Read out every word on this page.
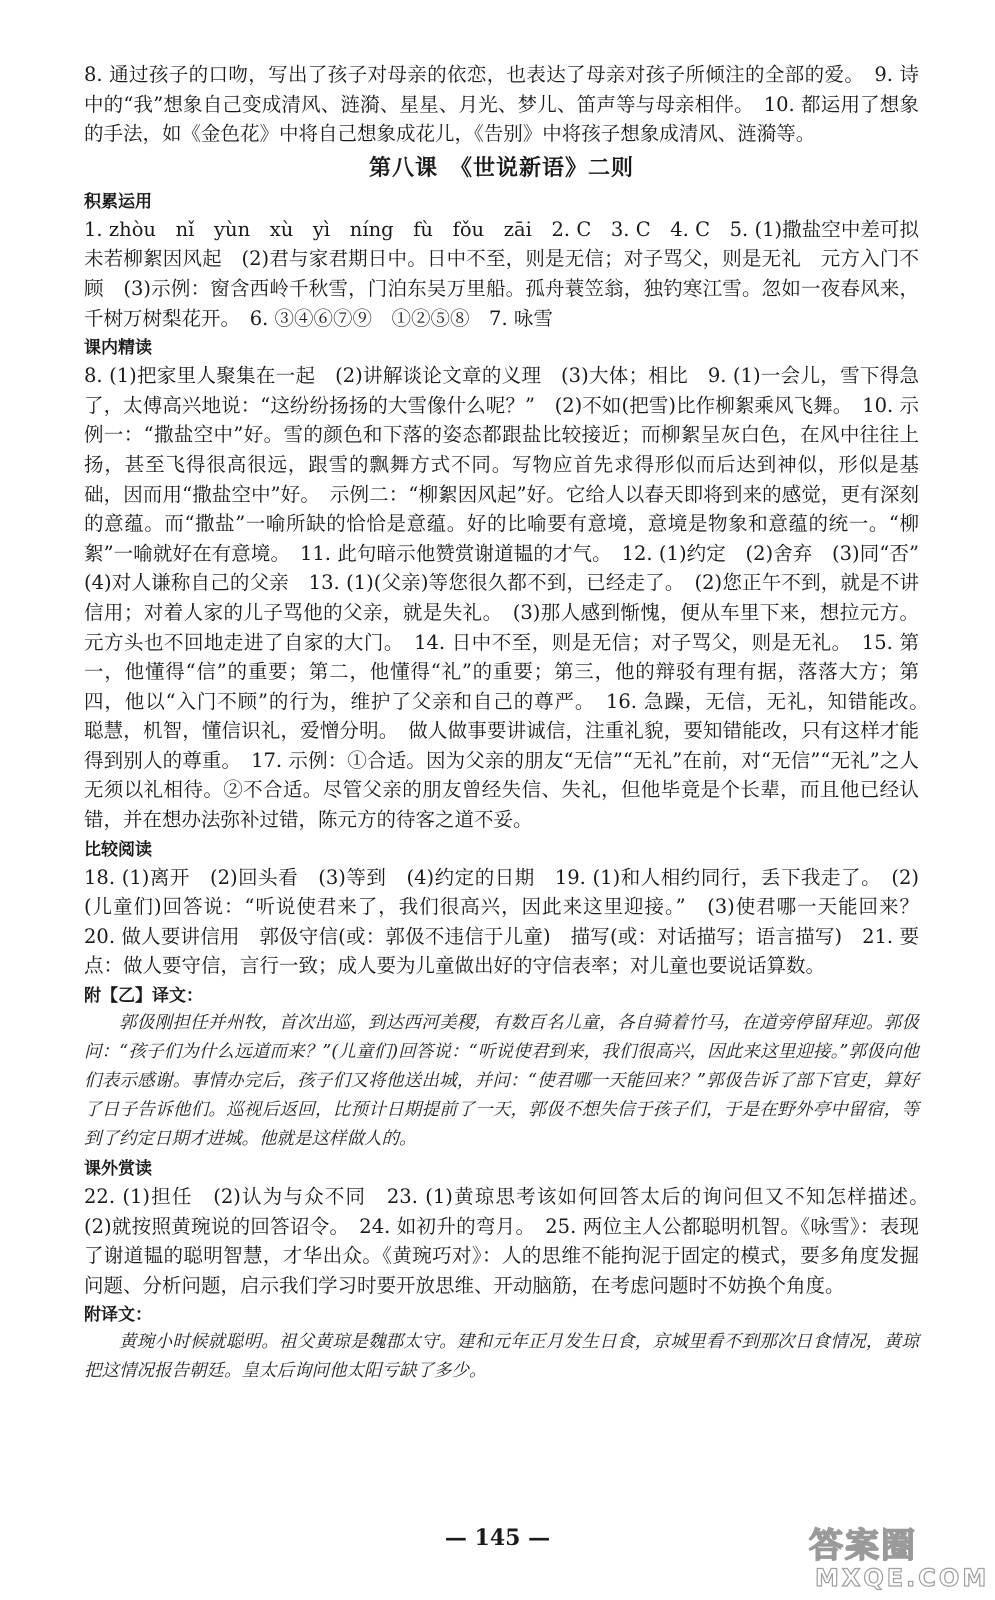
8. 通过孩子的口吻，写出了孩子对母亲的依恋，也表达了母亲对孩子所倾注的全部的爱。　9. 诗中的“我”想象自己变成清风、涟漪、星星、月光、梦儿、笛声等与母亲相伴。　10. 都运用了想象的手法，如《金色花》中将自己想象成花儿，《告别》中将孩子想象成清风、涟漪等。

第八课　《世说新语》二则
积累运用

1. zhòu　nǐ　yùn　xù　yì　níng　fù　fǒu　zāi　2. C　3. C　4. C　5. (1)撒盐空中差可拟　未若柳絮因风起　(2)君与家君期日中。日中不至，则是无信；对子骂父，则是无礼　元方入门不顾　(3)示例：窗含西岭千秋雪，门泊东吴万里船。孤舟蓑笠翁，独钓寒江雪。忽如一夜春风来，千树万树梨花开。　6. ③④⑥⑦⑨　①②⑤⑧　7. 咏雪

课内精读

8. (1)把家里人聚集在一起　(2)讲解谈论文章的义理　(3)大体；相比　9. (1)一会儿，雪下得急了，太傅高兴地说：“这纷纷扬扬的大雪像什么呢？”　(2)不如(把雪)比作柳絮乘风飞舞。　10. 示例一：“撒盐空中”好。雪的颜色和下落的姿态都跟盐比较接近；而柳絮呈灰白色，在风中往往上扬，甚至飞得很高很远，跟雪的飘舞方式不同。写物应首先求得形似而后达到神似，形似是基础，因而用“撒盐空中”好。　示例二：“柳絮因风起”好。它给人以春天即将到来的感觉，更有深刻的意蕴。而“撒盐”一喻所缺的恰恰是意蕴。好的比喻要有意境，意境是物象和意蕴的统一。“柳絮”一喻就好在有意境。　11. 此句暗示他赞赏谢道韫的才气。　12. (1)约定　(2)舍弃　(3)同“否”　(4)对人谦称自己的父亲　13. (1)(父亲)等您很久都不到，已经走了。　(2)您正午不到，就是不讲信用；对着人家的儿子骂他的父亲，就是失礼。　(3)那人感到惭愧，便从车里下来，想拉元方。元方头也不回地走进了自家的大门。　14. 日中不至，则是无信；对子骂父，则是无礼。　15. 第一，他懂得“信”的重要；第二，他懂得“礼”的重要；第三，他的辩驳有理有据，落落大方；第四，他以“入门不顾”的行为，维护了父亲和自己的尊严。　16. 急躁，无信，无礼，知错能改。　聪慧，机智，懂信识礼，爱憎分明。　做人做事要讲诚信，注重礼貌，要知错能改，只有这样才能得到别人的尊重。　17. 示例：①合适。因为父亲的朋友“无信”“无礼”在前，对“无信”“无礼”之人无须以礼相待。②不合适。尽管父亲的朋友曾经失信、失礼，但他毕竟是个长辈，而且他已经认错，并在想办法弥补过错，陈元方的待客之道不妥。

比较阅读

18. (1)离开　(2)回头看　(3)等到　(4)约定的日期　19. (1)和人相约同行，丢下我走了。　(2)(儿童们)回答说：“听说使君来了，我们很高兴，因此来这里迎接。”　(3)使君哪一天能回来？　20. 做人要讲信用　郭伋守信(或：郭伋不违信于儿童)　描写(或：对话描写；语言描写)　21. 要点：做人要守信，言行一致；成人要为儿童做出好的守信表率；对儿童也要说话算数。

附【乙】译文：

郭伋刚担任并州牧，首次出巡，到达西河美稷，有数百名儿童，各自骑着竹马，在道旁停留拜迎。郭伋问：“孩子们为什么远道而来？”(儿童们)回答说：“听说使君到来，我们很高兴，因此来这里迎接。”郭伋向他们表示感谢。事情办完后，孩子们又将他送出城，并问：“使君哪一天能回来？”郭伋告诉了部下官吏，算好了日子告诉他们。巡视后返回，比预计日期提前了一天，郭伋不想失信于孩子们，于是在野外亭中留宿，等到了约定日期才进城。他就是这样做人的。

课外赏读

22. (1)担任　(2)认为与众不同　23. (1)黄琼思考该如何回答太后的询问但又不知怎样描述。　(2)就按照黄琬说的回答诏令。　24. 如初升的弯月。　25. 两位主人公都聪明机智。《咏雪》：表现了谢道韫的聪明智慧，才华出众。《黄琬巧对》：人的思维不能拘泥于固定的模式，要多角度发掘问题、分析问题，启示我们学习时要开放思维、开动脑筋，在考虑问题时不妨换个角度。

附译文：

黄琬小时候就聪明。祖父黄琼是魏郡太守。建和元年正月发生日食，京城里看不到那次日食情况，黄琼把这情况报告朝廷。皇太后询问他太阳亏缺了多少。

— 145 —	答案圈
MXQE.COM
